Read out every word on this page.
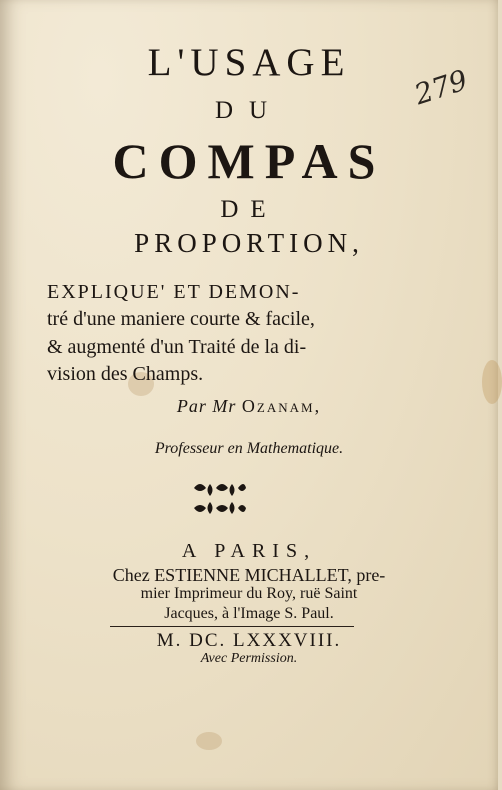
L'USAGE
DU
COMPAS
DE
PROPORTION,
EXPLIQUE' ET DEMON-
tré d'une maniere courte & facile,
& augmenté d'un Traité de la di-
vision des Champs.
Par Mr Ozanam,
Professeur en Mathematique.
A PARIS,
Chez ESTIENNE MICHALLET, pre-
mier Imprimeur du Roy, ruë Saint
Jacques, à l'Image S. Paul.
M. DC. LXXXVIII.
Avec Permission.
279
